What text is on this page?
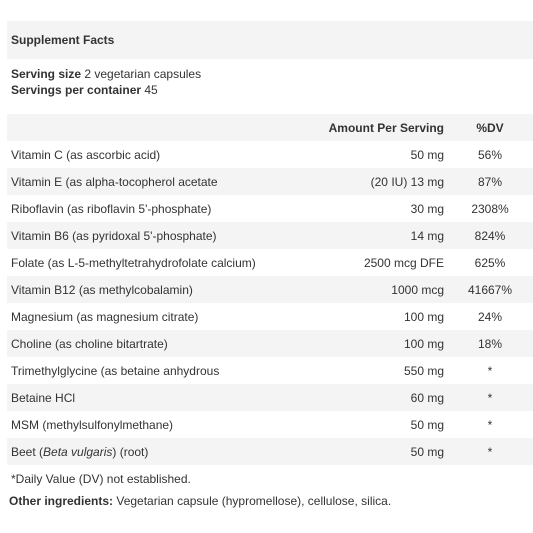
Supplement Facts
Serving size 2 vegetarian capsules
Servings per container 45
Amount Per Serving	%DV
Vitamin C (as ascorbic acid)	50 mg	56%
Vitamin E (as alpha-tocopherol acetate	(20 IU) 13 mg	87%
Riboflavin (as riboflavin 5'-phosphate)	30 mg	2308%
Vitamin B6 (as pyridoxal 5'-phosphate)	14 mg	824%
Folate (as L-5-methyltetrahydrofolate calcium)	2500 mcg DFE	625%
Vitamin B12 (as methylcobalamin)	1000 mcg 41667%
Magnesium (as magnesium citrate)	100 mg	24%
Choline (as choline bitartrate)	100 mg	18%
Trimethylglycine (as betaine anhydrous	550 mg	*
Betaine HCl	60 mg	*
MSM (methylsulfonylmethane)	50 mg	*
Beet (Beta vulgaris) (root)	50 mg	*
*Daily Value (DV) not established.
Other ingredients: Vegetarian capsule (hypromellose), cellulose, silica.
